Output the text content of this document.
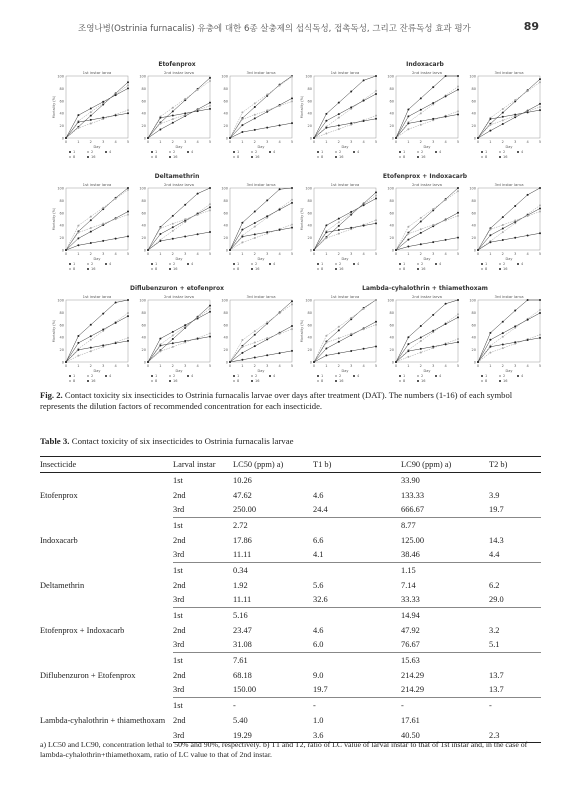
조영나병(Ostrinia furnacalis) 유충에 대한 6종 살충제의 섭식독성, 접촉독성, 그리고 잔류독성 효과 평가	89
Etofenprox
1st instar larva
0
20
40
60
80
100
0	1	2	3	4	5
Day
Mortality (%)
1	2	4
8	16
2nd instar larva
0
20
40
60
80
100
0	1	2	3	4	5
Day
1	2	4
8	16
3rd instar larva
0
20
40
60
80
100
0	1	2	3	4	5
Day
1	2	4
8	16
Indoxacarb
1st instar larva
0
20
40
60
80
100
0	1	2	3	4	5
Day
Mortality (%)
1	2	4
8	16
2nd instar larva
0
20
40
60
80
100
0	1	2	3	4	5
Day
1	2	4
8	16
3rd instar larva
0
20
40
60
80
100
0	1	2	3	4	5
Day
1	2	4
8	16
Deltamethrin
1st instar larva
0
20
40
60
80
100
0	1	2	3	4	5
Day
Mortality (%)
1	2	4
8	16
2nd instar larva
0
20
40
60
80
100
0	1	2	3	4	5
Day
1	2	4
8	16
3rd instar larva
0
20
40
60
80
100
0	1	2	3	4	5
Day
1	2	4
8	16
Etofenprox + Indoxacarb
1st instar larva
0
20
40
60
80
100
0	1	2	3	4	5
Day
Mortality (%)
1	2	4
8	16
2nd instar larva
0
20
40
60
80
100
0	1	2	3	4	5
Day
1	2	4
8	16
3rd instar larva
0
20
40
60
80
100
0	1	2	3	4	5
Day
1	2	4
8	16
Diflubenzuron + etofenprox
1st instar larva
0
20
40
60
80
100
0	1	2	3	4	5
Day
Mortality (%)
1	2	4
8	16
2nd instar larva
0
20
40
60
80
100
0	1	2	3	4	5
Day
1	2	4
8	16
3rd instar larva
0
20
40
60
80
100
0	1	2	3	4	5
Day
1	2	4
8	16
Lambda-cyhalothrin + thiamethoxam
1st instar larva
0
20
40
60
80
100
0	1	2	3	4	5
Day
Mortality (%)
1	2	4
8	16
2nd instar larva
0
20
40
60
80
100
0	1	2	3	4	5
Day
1	2	4
8	16
3rd instar larva
0
20
40
60
80
100
0	1	2	3	4	5
Day
1	2	4
8	16
Fig. 2. Contact toxicity six insecticides to Ostrinia furnacalis larvae over days after treatment (DAT). The numbers (1-16) of each symbol represents the dilution factors of recommended concentration for each insecticide.
Table 3. Contact toxicity of six insecticides to Ostrinia furnacalis larvae
Insecticide	Larval instar	LC50 (ppm) a)	T1 b)	LC90 (ppm) a)	T2 b)
Etofenprox	1st	10.26		33.90	
	2nd	47.62	4.6	133.33	3.9
	3rd	250.00	24.4	666.67	19.7
Indoxacarb	1st	2.72		8.77	
	2nd	17.86	6.6	125.00	14.3
	3rd	11.11	4.1	38.46	4.4
Deltamethrin	1st	0.34		1.15	
	2nd	1.92	5.6	7.14	6.2
	3rd	11.11	32.6	33.33	29.0
Etofenprox + Indoxacarb	1st	5.16		14.94	
	2nd	23.47	4.6	47.92	3.2
	3rd	31.08	6.0	76.67	5.1
Diflubenzuron + Etofenprox	1st	7.61		15.63	
	2nd	68.18	9.0	214.29	13.7
	3rd	150.00	19.7	214.29	13.7
Lambda-cyhalothrin + thiamethoxam	1st	-	-	-	-
	2nd	5.40	1.0	17.61	
	3rd	19.29	3.6	40.50	2.3
a) LC50 and LC90, concentration lethal to 50% and 90%, respectively. b) T1 and T2, ratio of LC value of larval instar to that of 1st instar and, in the case of lambda-cyhalothrin+thiamethoxam, ratio of LC value to that of 2nd instar.
